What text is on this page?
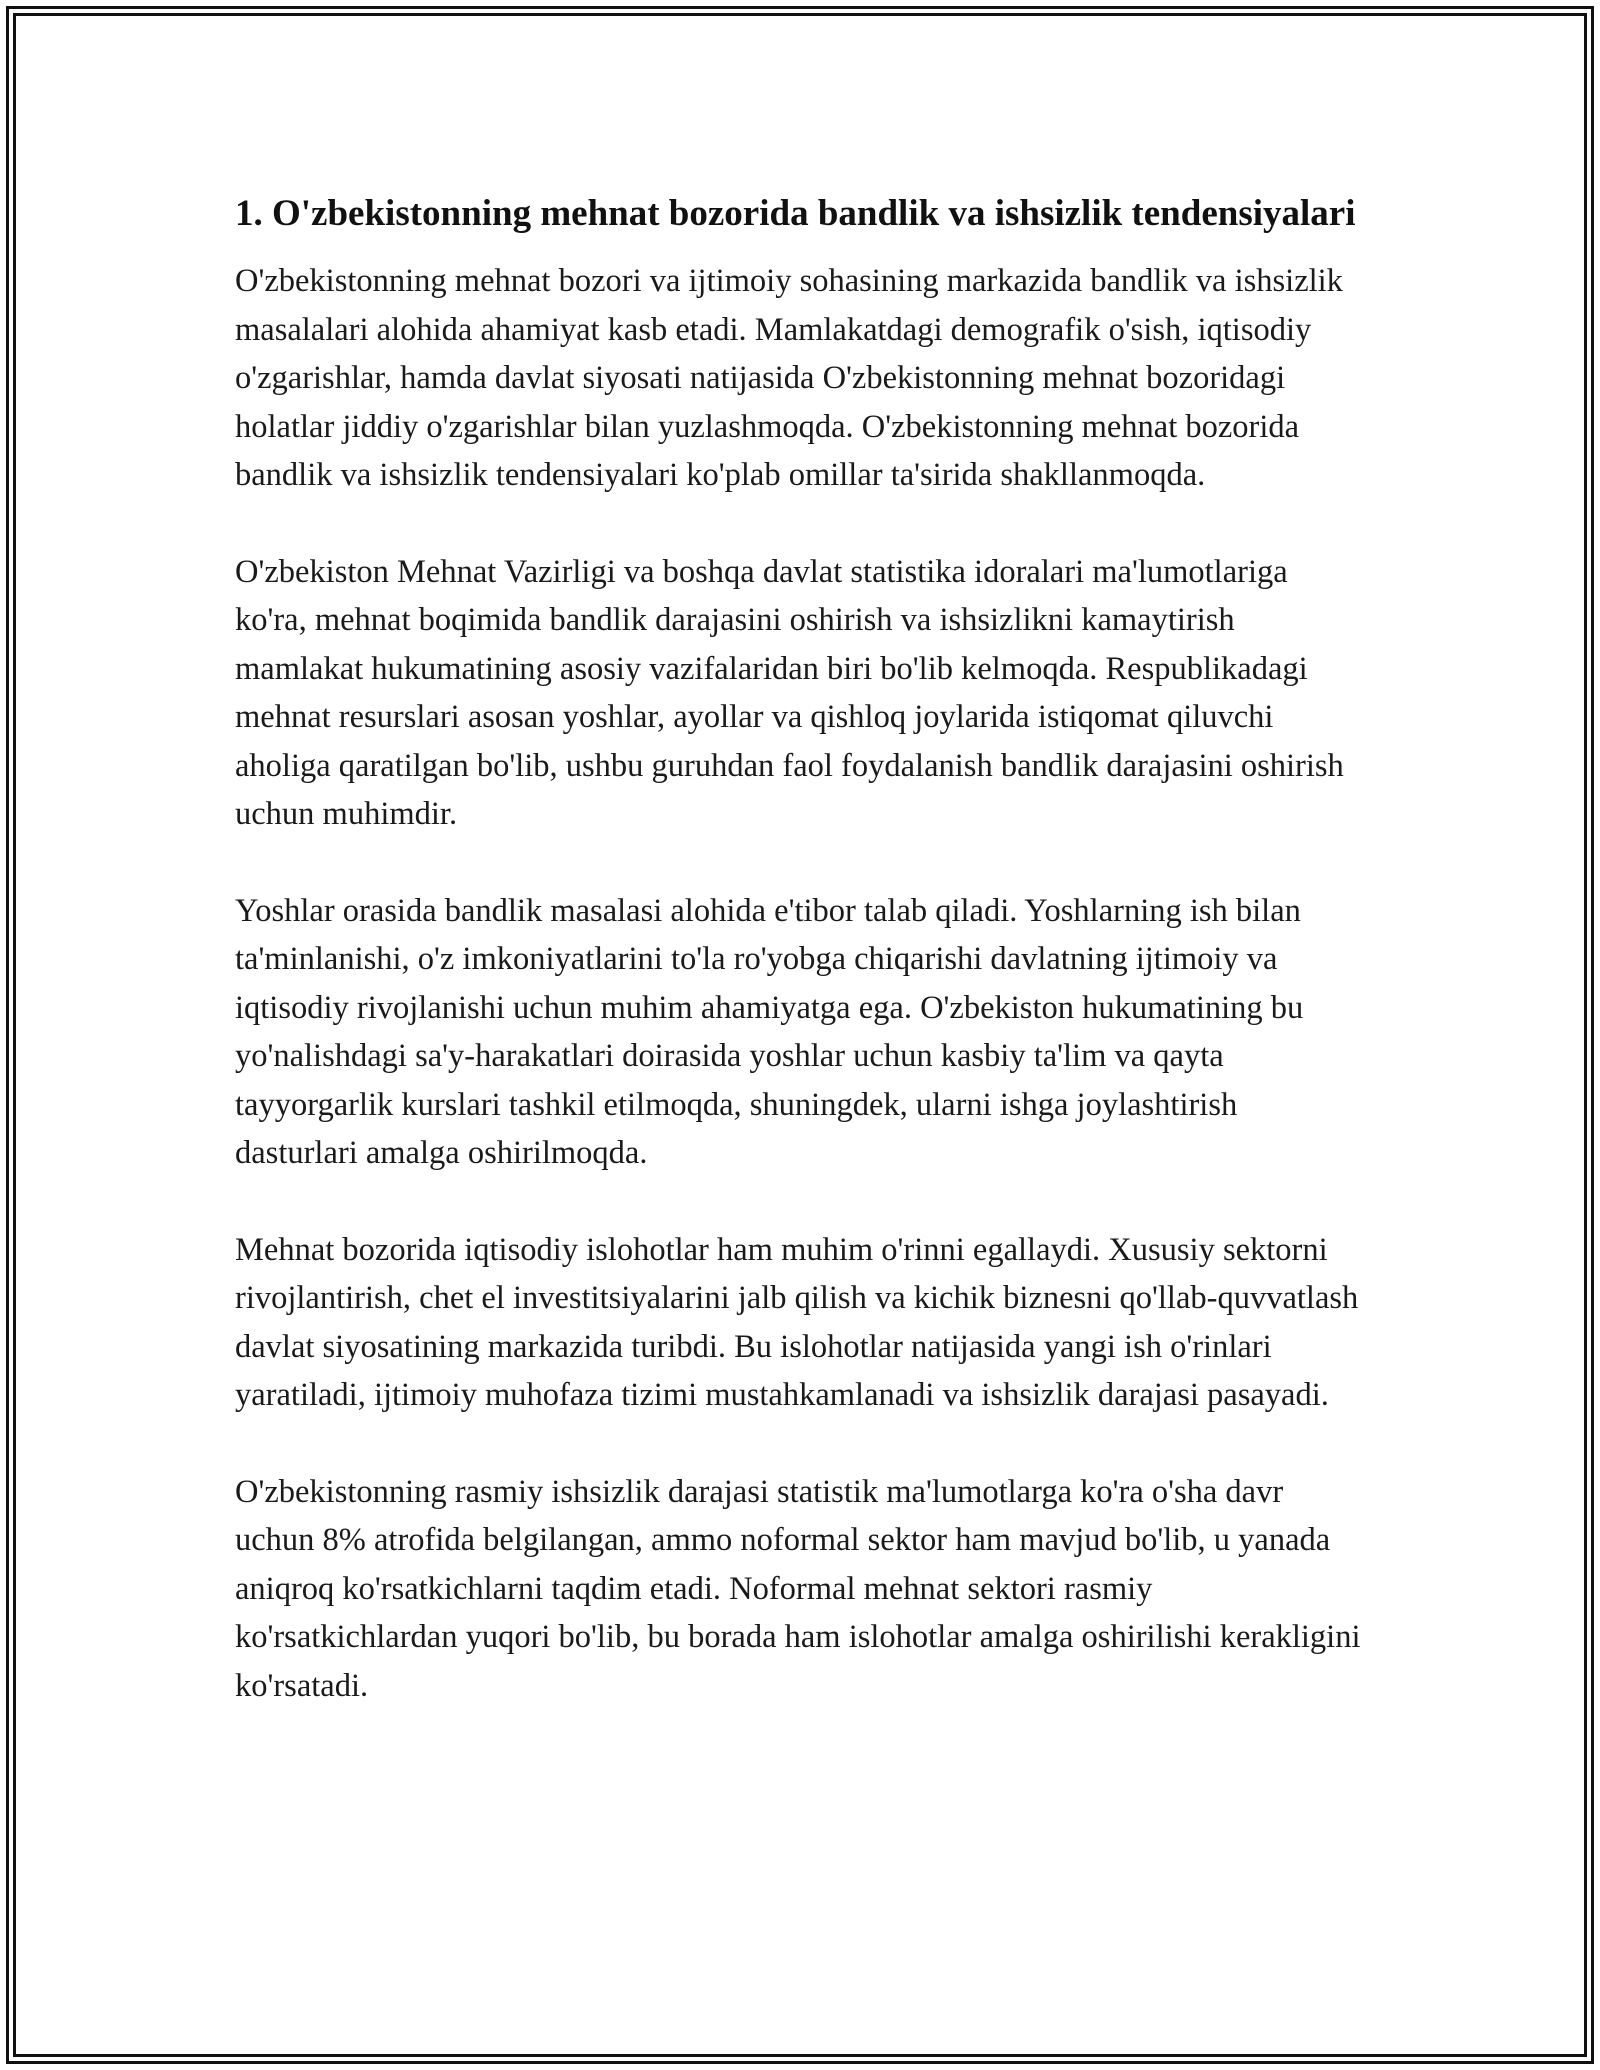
1. O'zbekistonning mehnat bozorida bandlik va ishsizlik tendensiyalari

O'zbekistonning mehnat bozori va ijtimoiy sohasining markazida bandlik va ishsizlik masalalari alohida ahamiyat kasb etadi. Mamlakatdagi demografik o'sish, iqtisodiy o'zgarishlar, hamda davlat siyosati natijasida O'zbekistonning mehnat bozoridagi holatlar jiddiy o'zgarishlar bilan yuzlashmoqda. O'zbekistonning mehnat bozorida bandlik va ishsizlik tendensiyalari ko'plab omillar ta'sirida shakllanmoqda.

O'zbekiston Mehnat Vazirligi va boshqa davlat statistika idoralari ma'lumotlariga ko'ra, mehnat boqimida bandlik darajasini oshirish va ishsizlikni kamaytirish mamlakat hukumatining asosiy vazifalaridan biri bo'lib kelmoqda. Respublikadagi mehnat resurslari asosan yoshlar, ayollar va qishloq joylarida istiqomat qiluvchi aholiga qaratilgan bo'lib, ushbu guruhdan faol foydalanish bandlik darajasini oshirish uchun muhimdir.

Yoshlar orasida bandlik masalasi alohida e'tibor talab qiladi. Yoshlarning ish bilan ta'minlanishi, o'z imkoniyatlarini to'la ro'yobga chiqarishi davlatning ijtimoiy va iqtisodiy rivojlanishi uchun muhim ahamiyatga ega. O'zbekiston hukumatining bu yo'nalishdagi sa'y-harakatlari doirasida yoshlar uchun kasbiy ta'lim va qayta tayyorgarlik kurslari tashkil etilmoqda, shuningdek, ularni ishga joylashtirish dasturlari amalga oshirilmoqda.

Mehnat bozorida iqtisodiy islohotlar ham muhim o'rinni egallaydi. Xususiy sektorni rivojlantirish, chet el investitsiyalarini jalb qilish va kichik biznesni qo'llab-quvvatlash davlat siyosatining markazida turibdi. Bu islohotlar natijasida yangi ish o'rinlari yaratiladi, ijtimoiy muhofaza tizimi mustahkamlanadi va ishsizlik darajasi pasayadi.

O'zbekistonning rasmiy ishsizlik darajasi statistik ma'lumotlarga ko'ra o'sha davr uchun 8% atrofida belgilangan, ammo noformal sektor ham mavjud bo'lib, u yanada aniqroq ko'rsatkichlarni taqdim etadi. Noformal mehnat sektori rasmiy ko'rsatkichlardan yuqori bo'lib, bu borada ham islohotlar amalga oshirilishi kerakligini ko'rsatadi.
